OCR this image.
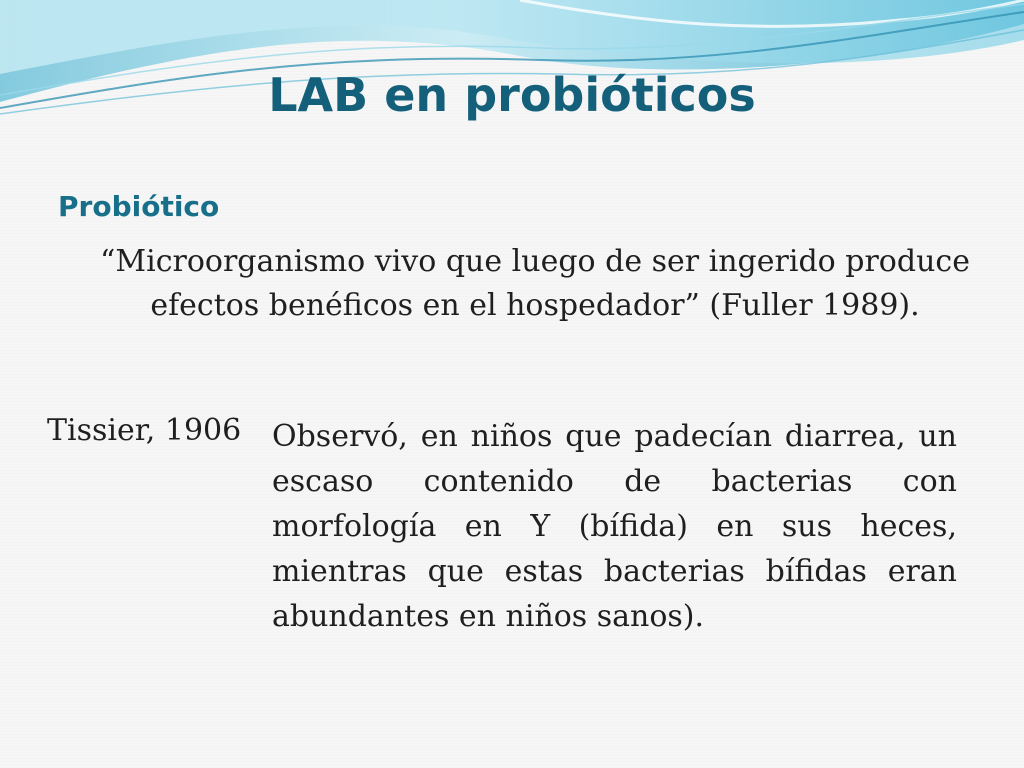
LAB en probióticos
Probiótico
“Microorganismo vivo que luego de ser ingerido produce efectos benéficos en el hospedador” (Fuller 1989).
Tissier, 1906 Observó, en niños que padecían diarrea, un escaso contenido de bacterias con morfología en Y (bífida) en sus heces, mientras que estas bacterias bífidas eran abundantes en niños sanos).
